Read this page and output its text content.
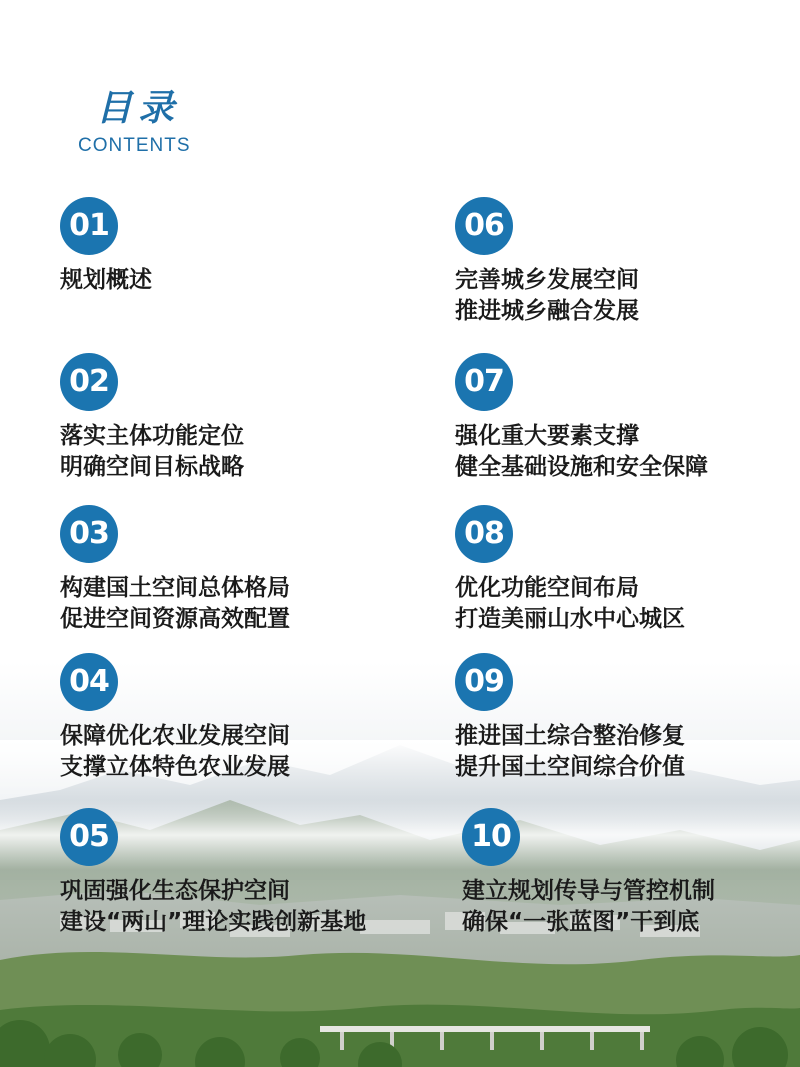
目录
CONTENTS
01
规划概述
02
落实主体功能定位
明确空间目标战略
03
构建国土空间总体格局
促进空间资源高效配置
04
保障优化农业发展空间
支撑立体特色农业发展
05
巩固强化生态保护空间
建设“两山”理论实践创新基地
06
完善城乡发展空间
推进城乡融合发展
07
强化重大要素支撑
健全基础设施和安全保障
08
优化功能空间布局
打造美丽山水中心城区
09
推进国土综合整治修复
提升国土空间综合价值
10
建立规划传导与管控机制
确保“一张蓝图”干到底
